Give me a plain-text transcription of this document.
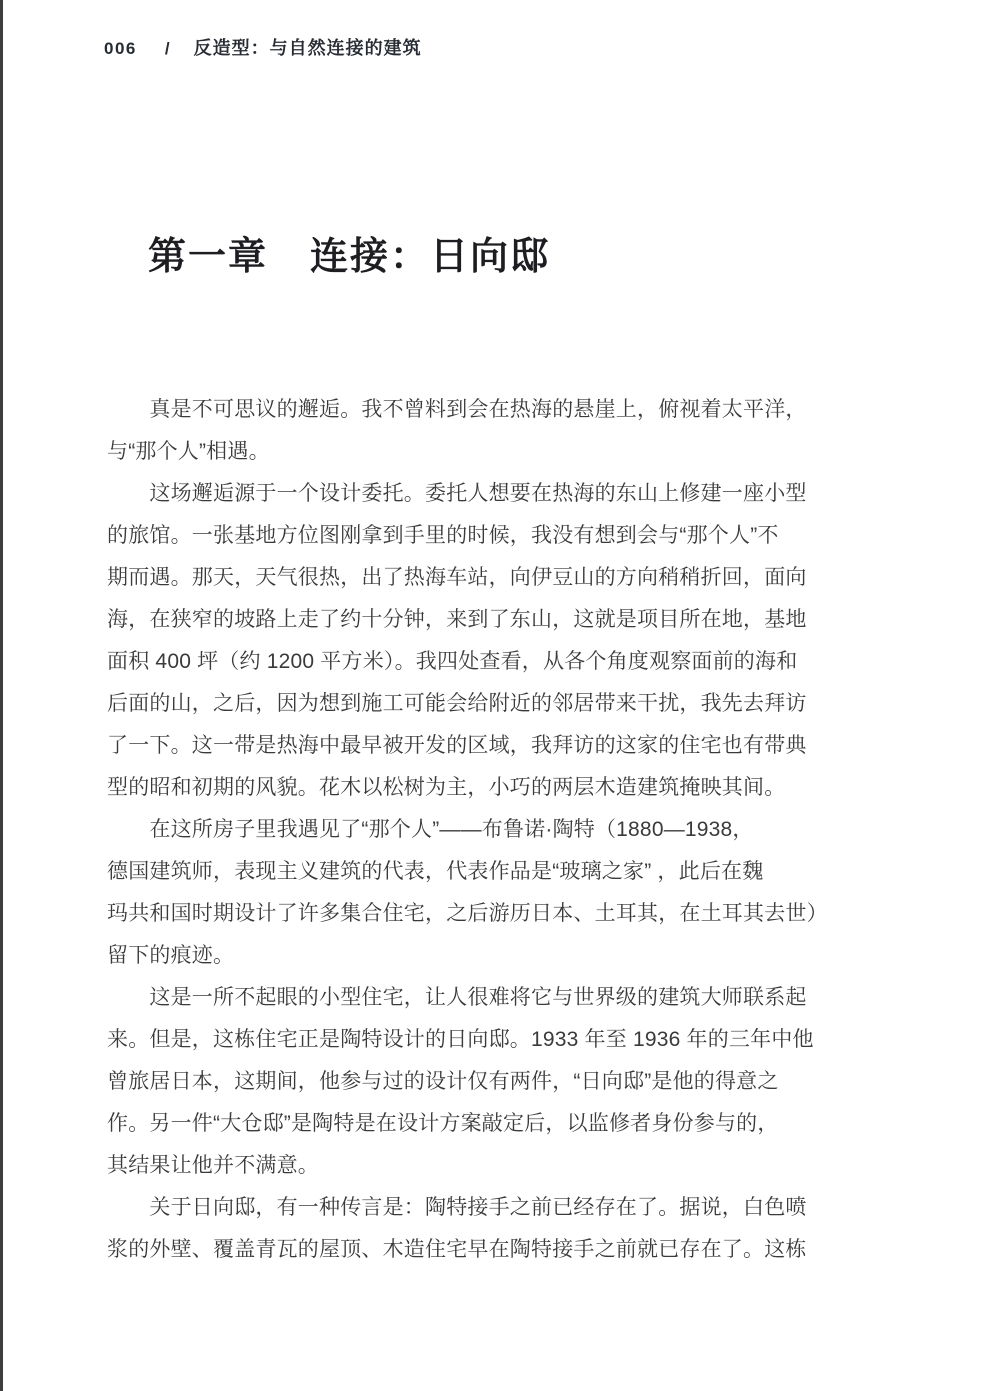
006 / 反造型：与自然连接的建筑
第一章 连接：日向邸

　　真是不可思议的邂逅。我不曾料到会在热海的悬崖上，俯视着太平洋，
与“那个人”相遇。

　　这场邂逅源于一个设计委托。委托人想要在热海的东山上修建一座小型
的旅馆。一张基地方位图刚拿到手里的时候，我没有想到会与“那个人”不
期而遇。那天，天气很热，出了热海车站，向伊豆山的方向稍稍折回，面向
海，在狭窄的坡路上走了约十分钟，来到了东山，这就是项目所在地，基地
面积 400 坪（约 1200 平方米）。我四处查看，从各个角度观察面前的海和
后面的山，之后，因为想到施工可能会给附近的邻居带来干扰，我先去拜访
了一下。这一带是热海中最早被开发的区域，我拜访的这家的住宅也有带典
型的昭和初期的风貌。花木以松树为主，小巧的两层木造建筑掩映其间。

　　在这所房子里我遇见了“那个人”——布鲁诺·陶特（1880—1938，
德国建筑师，表现主义建筑的代表，代表作品是“玻璃之家” ，此后在魏
玛共和国时期设计了许多集合住宅，之后游历日本、土耳其，在土耳其去世）
留下的痕迹。

　　这是一所不起眼的小型住宅，让人很难将它与世界级的建筑大师联系起
来。但是，这栋住宅正是陶特设计的日向邸。1933 年至 1936 年的三年中他
曾旅居日本，这期间，他参与过的设计仅有两件，“日向邸”是他的得意之
作。另一件“大仓邸”是陶特是在设计方案敲定后，以监修者身份参与的，
其结果让他并不满意。

　　关于日向邸，有一种传言是：陶特接手之前已经存在了。据说，白色喷
浆的外壁、覆盖青瓦的屋顶、木造住宅早在陶特接手之前就已存在了。这栋
